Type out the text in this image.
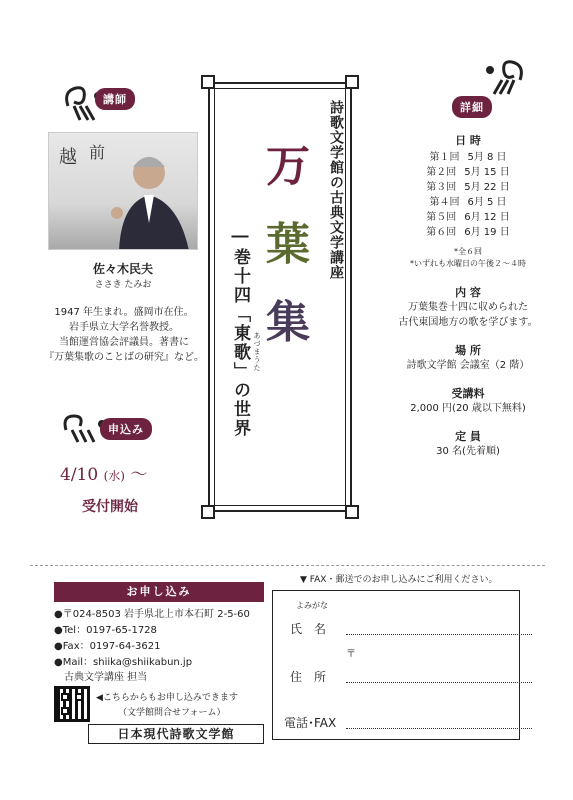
講師
越 前
佐々木民夫
ささき たみお
1947 年生まれ。盛岡市在住。
岩手県立大学名誉教授。
当館運営協会評議員。著書に
『万葉集歌のことばの研究』など。
申込み
4/10 (水) ～
受付開始
詩歌文学館の古典文学講座
万
葉
集
―巻十四「東歌」の世界
あづまうた
詳細
日 時
第１回 5月 8 日
第２回 5月 15 日
第３回 5月 22 日
第４回 6月 5 日
第５回 6月 12 日
第６回 6月 19 日
*全６回
*いずれも水曜日の午後２～４時
内 容
万葉集巻十四に収められた
古代東国地方の歌を学びます。
場 所
詩歌文学館 会議室（2 階）
受講料
2,000 円(20 歳以下無料)
定 員
30 名(先着順)
お申し込み
●〒024-8503 岩手県北上市本石町 2-5-60
●Tel：0197-65-1728
●Fax：0197-64-3621
●Mail：shiika@shiikabun.jp
古典文学講座 担当
◀こちらからもお申し込みできます
（文学館問合せフォーム）
日本現代詩歌文学館
▼ FAX・郵送でのお申し込みにご利用ください。
よみがな
氏　名
〒
住　所
電話･FAX
